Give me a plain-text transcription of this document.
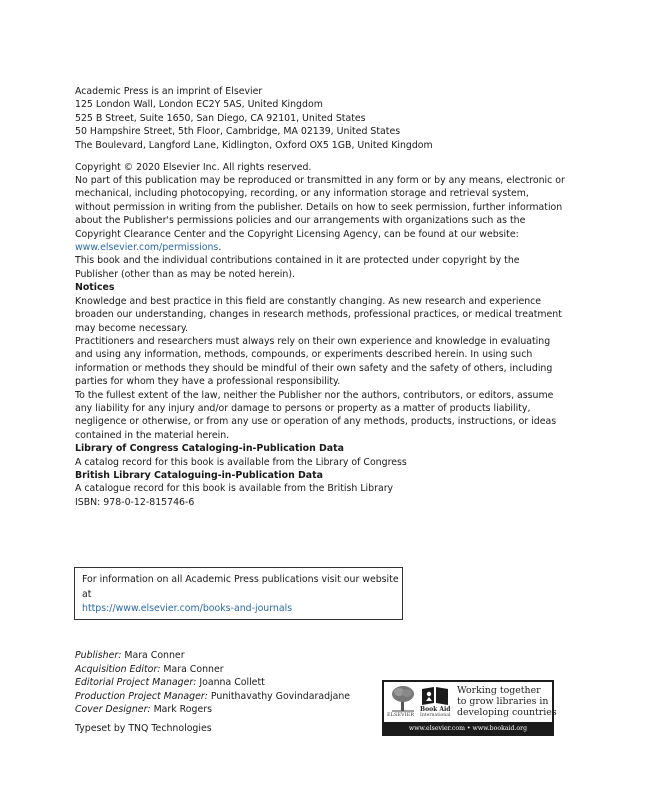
Academic Press is an imprint of Elsevier

125 London Wall, London EC2Y 5AS, United Kingdom

525 B Street, Suite 1650, San Diego, CA 92101, United States

50 Hampshire Street, 5th Floor, Cambridge, MA 02139, United States

The Boulevard, Langford Lane, Kidlington, Oxford OX5 1GB, United Kingdom

Copyright © 2020 Elsevier Inc. All rights reserved.

No part of this publication may be reproduced or transmitted in any form or by any means, electronic or mechanical, including photocopying, recording, or any information storage and retrieval system, without permission in writing from the publisher. Details on how to seek permission, further information about the Publisher's permissions policies and our arrangements with organizations such as the Copyright Clearance Center and the Copyright Licensing Agency, can be found at our website: www.elsevier.com/permissions.

This book and the individual contributions contained in it are protected under copyright by the Publisher (other than as may be noted herein).

Notices

Knowledge and best practice in this field are constantly changing. As new research and experience broaden our understanding, changes in research methods, professional practices, or medical treatment may become necessary.

Practitioners and researchers must always rely on their own experience and knowledge in evaluating and using any information, methods, compounds, or experiments described herein. In using such information or methods they should be mindful of their own safety and the safety of others, including parties for whom they have a professional responsibility.

To the fullest extent of the law, neither the Publisher nor the authors, contributors, or editors, assume any liability for any injury and/or damage to persons or property as a matter of products liability, negligence or otherwise, or from any use or operation of any methods, products, instructions, or ideas contained in the material herein.

Library of Congress Cataloging-in-Publication Data

A catalog record for this book is available from the Library of Congress

British Library Cataloguing-in-Publication Data

A catalogue record for this book is available from the British Library

ISBN: 978-0-12-815746-6

For information on all Academic Press publications visit our website at
https://www.elsevier.com/books-and-journals

Publisher: Mara Conner

Acquisition Editor: Mara Conner

Editorial Project Manager: Joanna Collett

Production Project Manager: Punithavathy Govindaradjane

Cover Designer: Mark Rogers

Typeset by TNQ Technologies

ELSEVIER
Book Aid
International

Working together

to grow libraries in

developing countries

www.elsevier.com • www.bookaid.org
